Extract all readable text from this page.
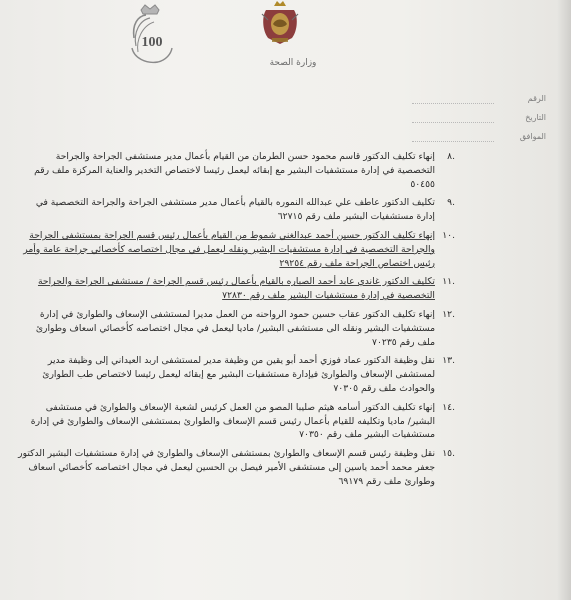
100
وزارة الصحة
الرقم
التاريخ
الموافق
٨.
إنهاء تكليف الدكتور قاسم محمود حسن الطرمان من القيام بأعمال مدير مستشفى الجراحة والجراحة التخصصية في إدارة مستشفيات البشير مع إبقائه ليعمل رئيسا لاختصاص التخدير والعناية المركزة ملف رقم ٥٠٤٥٥
٩.
تكليف الدكتور عاطف علي عبدالله النموره بالقيام بأعمال مدير مستشفى الجراحة والجراحة التخصصية في إدارة مستشفيات البشير ملف رقم ٦٢٧١٥
١٠.
إنهاء تكليف الدكتور حسين أحمد عبدالغني شموط من القيام بأعمال رئيس قسم الجراحة بمستشفى الجراحة والجراحة التخصصية في إدارة مستشفيات البشير ونقله ليعمل في مجال اختصاصه كأخصائي جراحة عامة وأمر رئيس اختصاص الجراحة ملف رقم ٢٩٢٥٤
١١.
تكليف الدكتور غاندي عابد أحمد الصباره بالقيام بأعمال رئيس قسم الجراحة / مستشفى الجراحة والجراحة التخصصية في إدارة مستشفيات البشير ملف رقم ٧٢٨٣٠
١٢.
إنهاء تكليف الدكتور عقاب حسين حمود الرواحنه من العمل مديرا لمستشفى الإسعاف والطوارئ في إدارة مستشفيات البشير ونقله الى مستشفى البشير/ ماديا ليعمل في مجال اختصاصه كأخصائي اسعاف وطوارئ ملف رقم ٧٠٢٣٥
١٣.
نقل وظيفة الدكتور عماد فوزي أحمد أبو يقين من وظيفة مدير لمستشفى اربد العيداني إلى وظيفة مدير لمستشفى الإسعاف والطوارئ فيإدارة مستشفيات البشير مع إبقائه ليعمل رئيسا لاختصاص طب الطوارئ والحوادث ملف رقم ٧٠٣٠٥
١٤.
إنهاء تكليف الدكتور أسامه هيثم صليبا المصو من العمل كرئيس لشعبة الإسعاف والطوارئ في مستشفى البشير/ ماديا وتكليفه للقيام بأعمال رئيس قسم الإسعاف والطوارئ بمستشفى الإسعاف والطوارئ في إدارة مستشفيات البشير ملف رقم ٧٠٣٥٠
١٥.
نقل وظيفة رئيس قسم الإسعاف والطوارئ بمستشفى الإسعاف والطوارئ في إدارة مستشفيات البشير الدكتور جعفر محمد أحمد ياسين إلى مستشفى الأمير فيصل بن الحسين ليعمل في مجال اختصاصه كأخصائي اسعاف وطوارئ ملف رقم ٦٩١٧٩
